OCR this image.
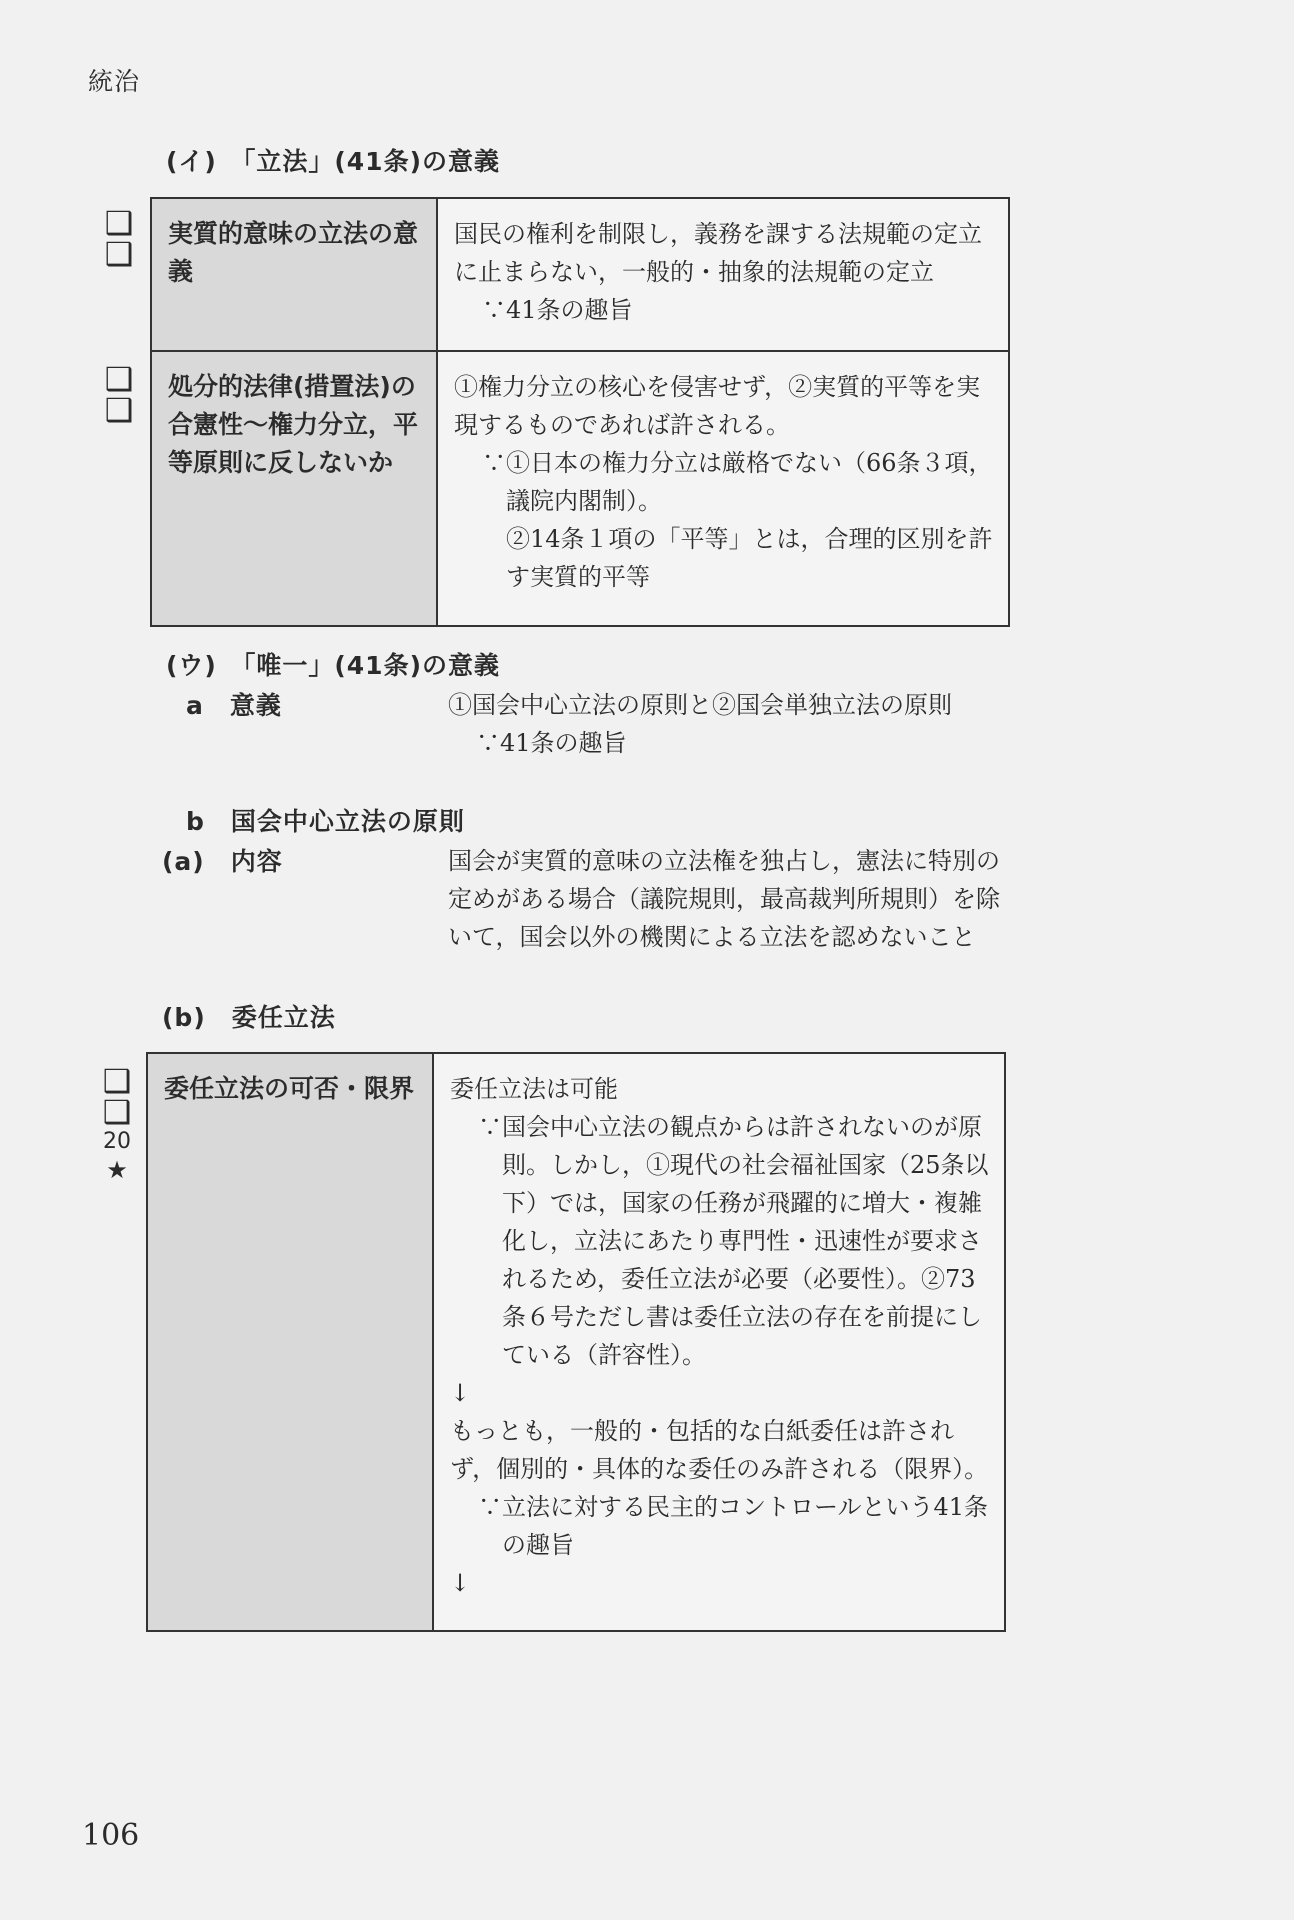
統治
(イ)　「立法」(41条)の意義
❑
❑
❑
❑
実質的意味の立法の意義	国民の権利を制限し，義務を課する法規範の定立に止まらない，一般的・抽象的法規範の定立
∵41条の趣旨

処分的法律(措置法)の合憲性～権力分立，平等原則に反しないか	①権力分立の核心を侵害せず，②実質的平等を実現するものであれば許される。
∵①日本の権力分立は厳格でない（66条３項，議院内閣制）。
②14条１項の「平等」とは，合理的区別を許す実質的平等
(ウ)　「唯一」(41条)の意義
a　意義	①国会中心立法の原則と②国会単独立法の原則
∵41条の趣旨
b　国会中心立法の原則
(a)　内容	国会が実質的意味の立法権を独占し，憲法に特別の定めがある場合（議院規則，最高裁判所規則）を除いて，国会以外の機関による立法を認めないこと
(b)　委任立法
❑
❑
20
★
委任立法の可否・限界	委任立法は可能
∵国会中心立法の観点からは許されないのが原則。しかし，①現代の社会福祉国家（25条以下）では，国家の任務が飛躍的に増大・複雑化し，立法にあたり専門性・迅速性が要求されるため，委任立法が必要（必要性）。②73条６号ただし書は委任立法の存在を前提にしている（許容性）。
↓
もっとも，一般的・包括的な白紙委任は許されず，個別的・具体的な委任のみ許される（限界）。
∵立法に対する民主的コントロールという41条の趣旨
↓
106
